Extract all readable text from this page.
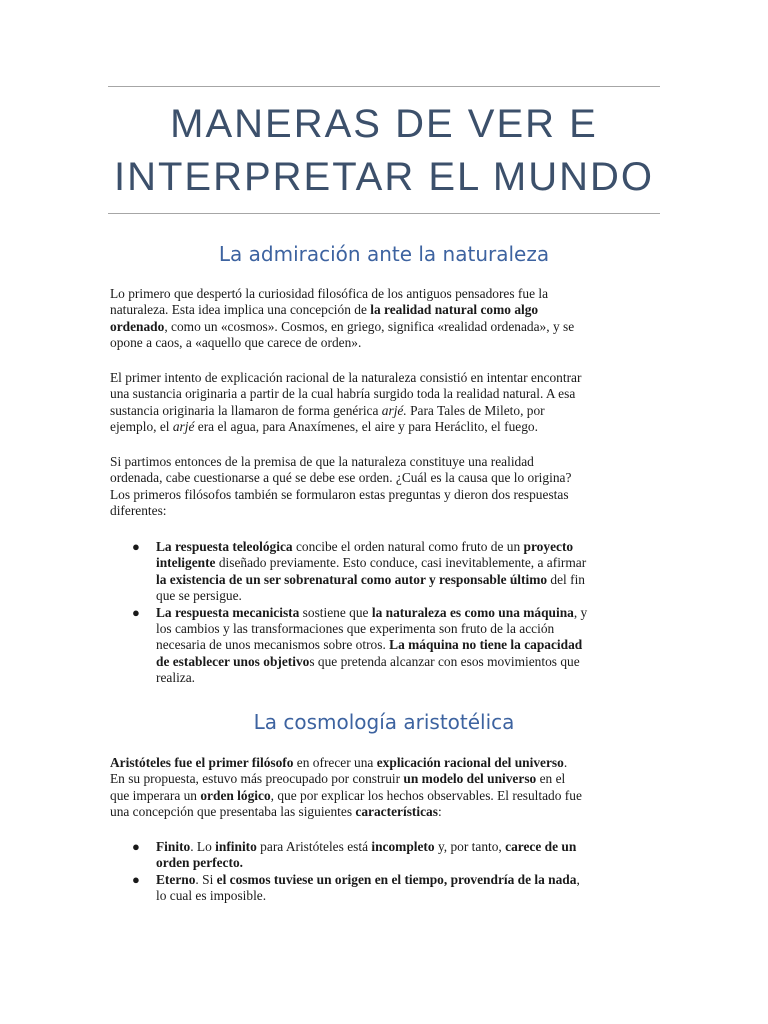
MANERAS DE VER E
INTERPRETAR EL MUNDO
La admiración ante la naturaleza

Lo primero que despertó la curiosidad filosófica de los antiguos pensadores fue la
naturaleza. Esta idea implica una concepción de la realidad natural como algo
ordenado, como un «cosmos». Cosmos, en griego, significa «realidad ordenada», y se
opone a caos, a «aquello que carece de orden».

El primer intento de explicación racional de la naturaleza consistió en intentar encontrar
una sustancia originaria a partir de la cual habría surgido toda la realidad natural. A esa
sustancia originaria la llamaron de forma genérica arjé. Para Tales de Mileto, por
ejemplo, el arjé era el agua, para Anaxímenes, el aire y para Heráclito, el fuego.

Si partimos entonces de la premisa de que la naturaleza constituye una realidad
ordenada, cabe cuestionarse a qué se debe ese orden. ¿Cuál es la causa que lo origina?
Los primeros filósofos también se formularon estas preguntas y dieron dos respuestas
diferentes:

● La respuesta teleológica concibe el orden natural como fruto de un proyecto
inteligente diseñado previamente. Esto conduce, casi inevitablemente, a afirmar
la existencia de un ser sobrenatural como autor y responsable último del fin
que se persigue.
● La respuesta mecanicista sostiene que la naturaleza es como una máquina, y
los cambios y las transformaciones que experimenta son fruto de la acción
necesaria de unos mecanismos sobre otros. La máquina no tiene la capacidad
de establecer unos objetivos que pretenda alcanzar con esos movimientos que
realiza.
La cosmología aristotélica

Aristóteles fue el primer filósofo en ofrecer una explicación racional del universo.
En su propuesta, estuvo más preocupado por construir un modelo del universo en el
que imperara un orden lógico, que por explicar los hechos observables. El resultado fue
una concepción que presentaba las siguientes características:

● Finito. Lo infinito para Aristóteles está incompleto y, por tanto, carece de un
orden perfecto.
● Eterno. Si el cosmos tuviese un origen en el tiempo, provendría de la nada,
lo cual es imposible.
